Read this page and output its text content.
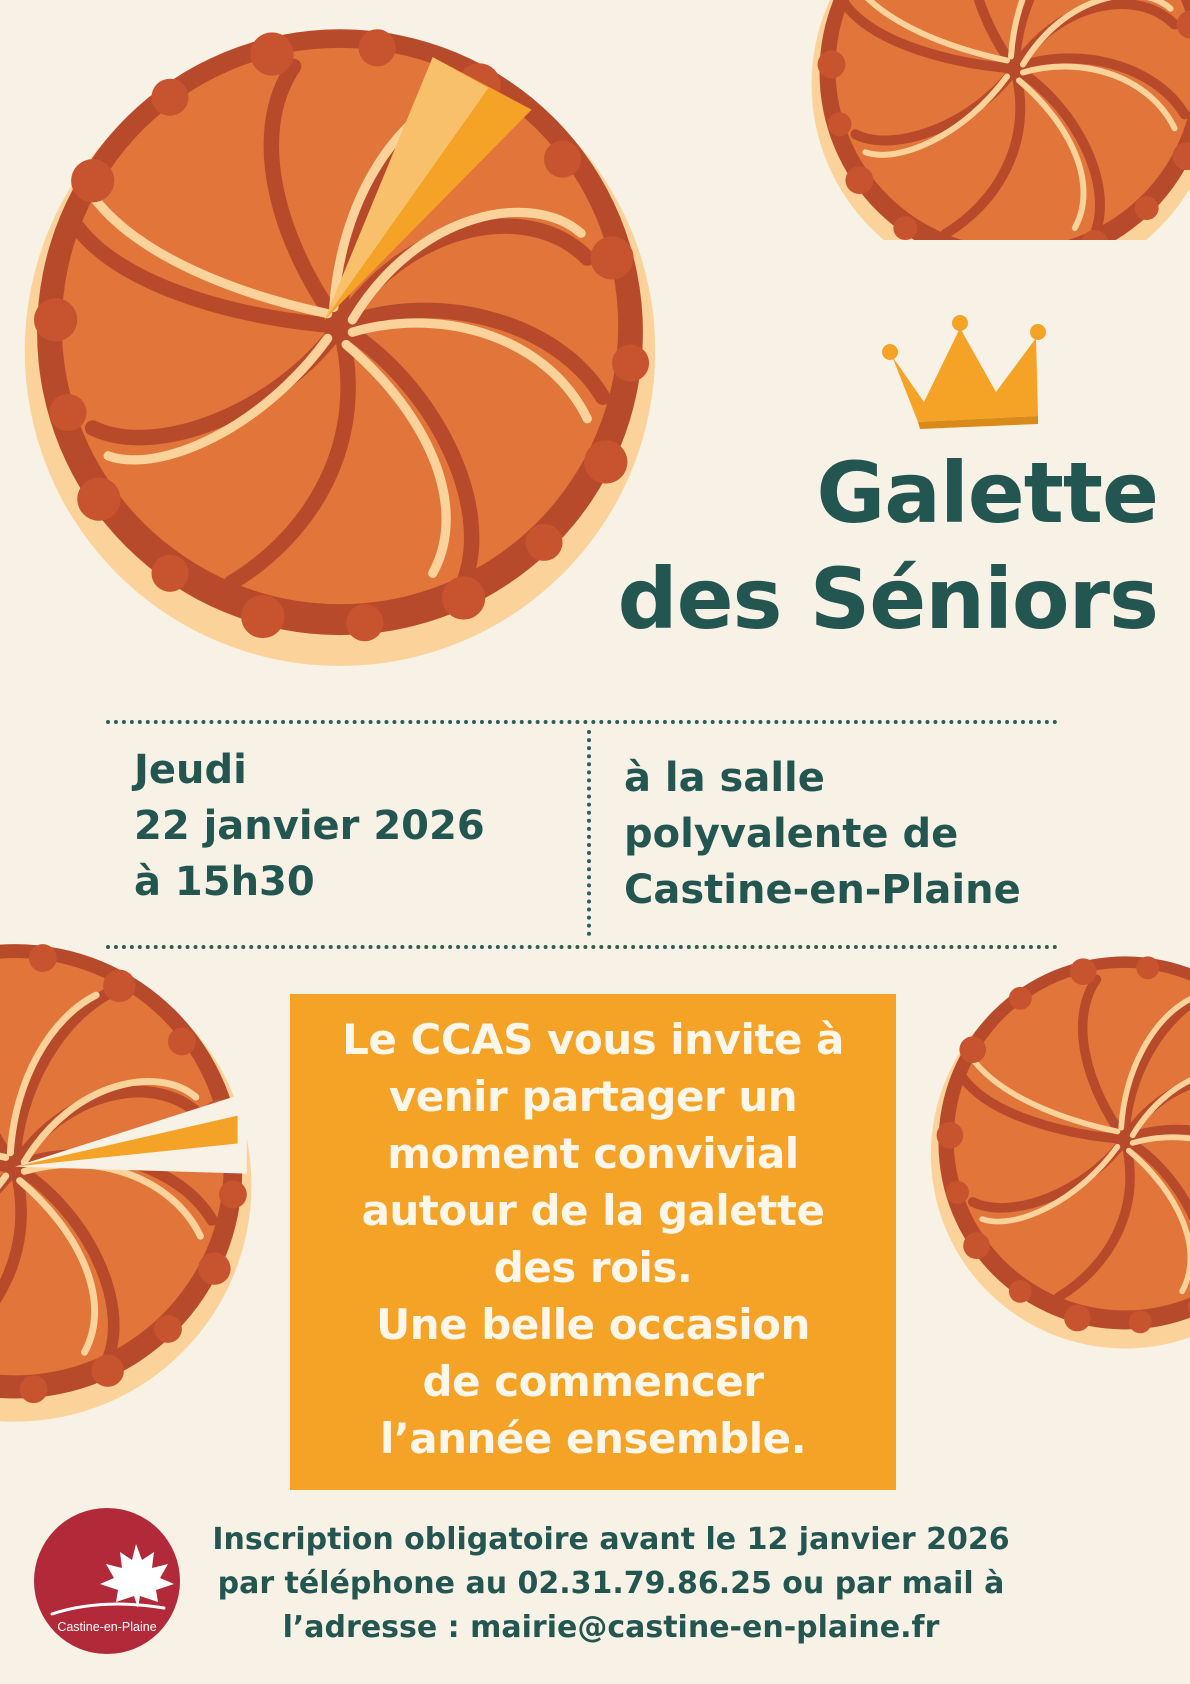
Galette
des Séniors
Jeudi
22 janvier 2026
à 15h30
à la salle
polyvalente de
Castine-en-Plaine
Le CCAS vous invite à
venir partager un
moment convivial
autour de la galette
des rois.
Une belle occasion
de commencer
l’année ensemble.
Castine-en-Plaine
Inscription obligatoire avant le 12 janvier 2026
par téléphone au 02.31.79.86.25 ou par mail à
l’adresse : mairie@castine-en-plaine.fr
